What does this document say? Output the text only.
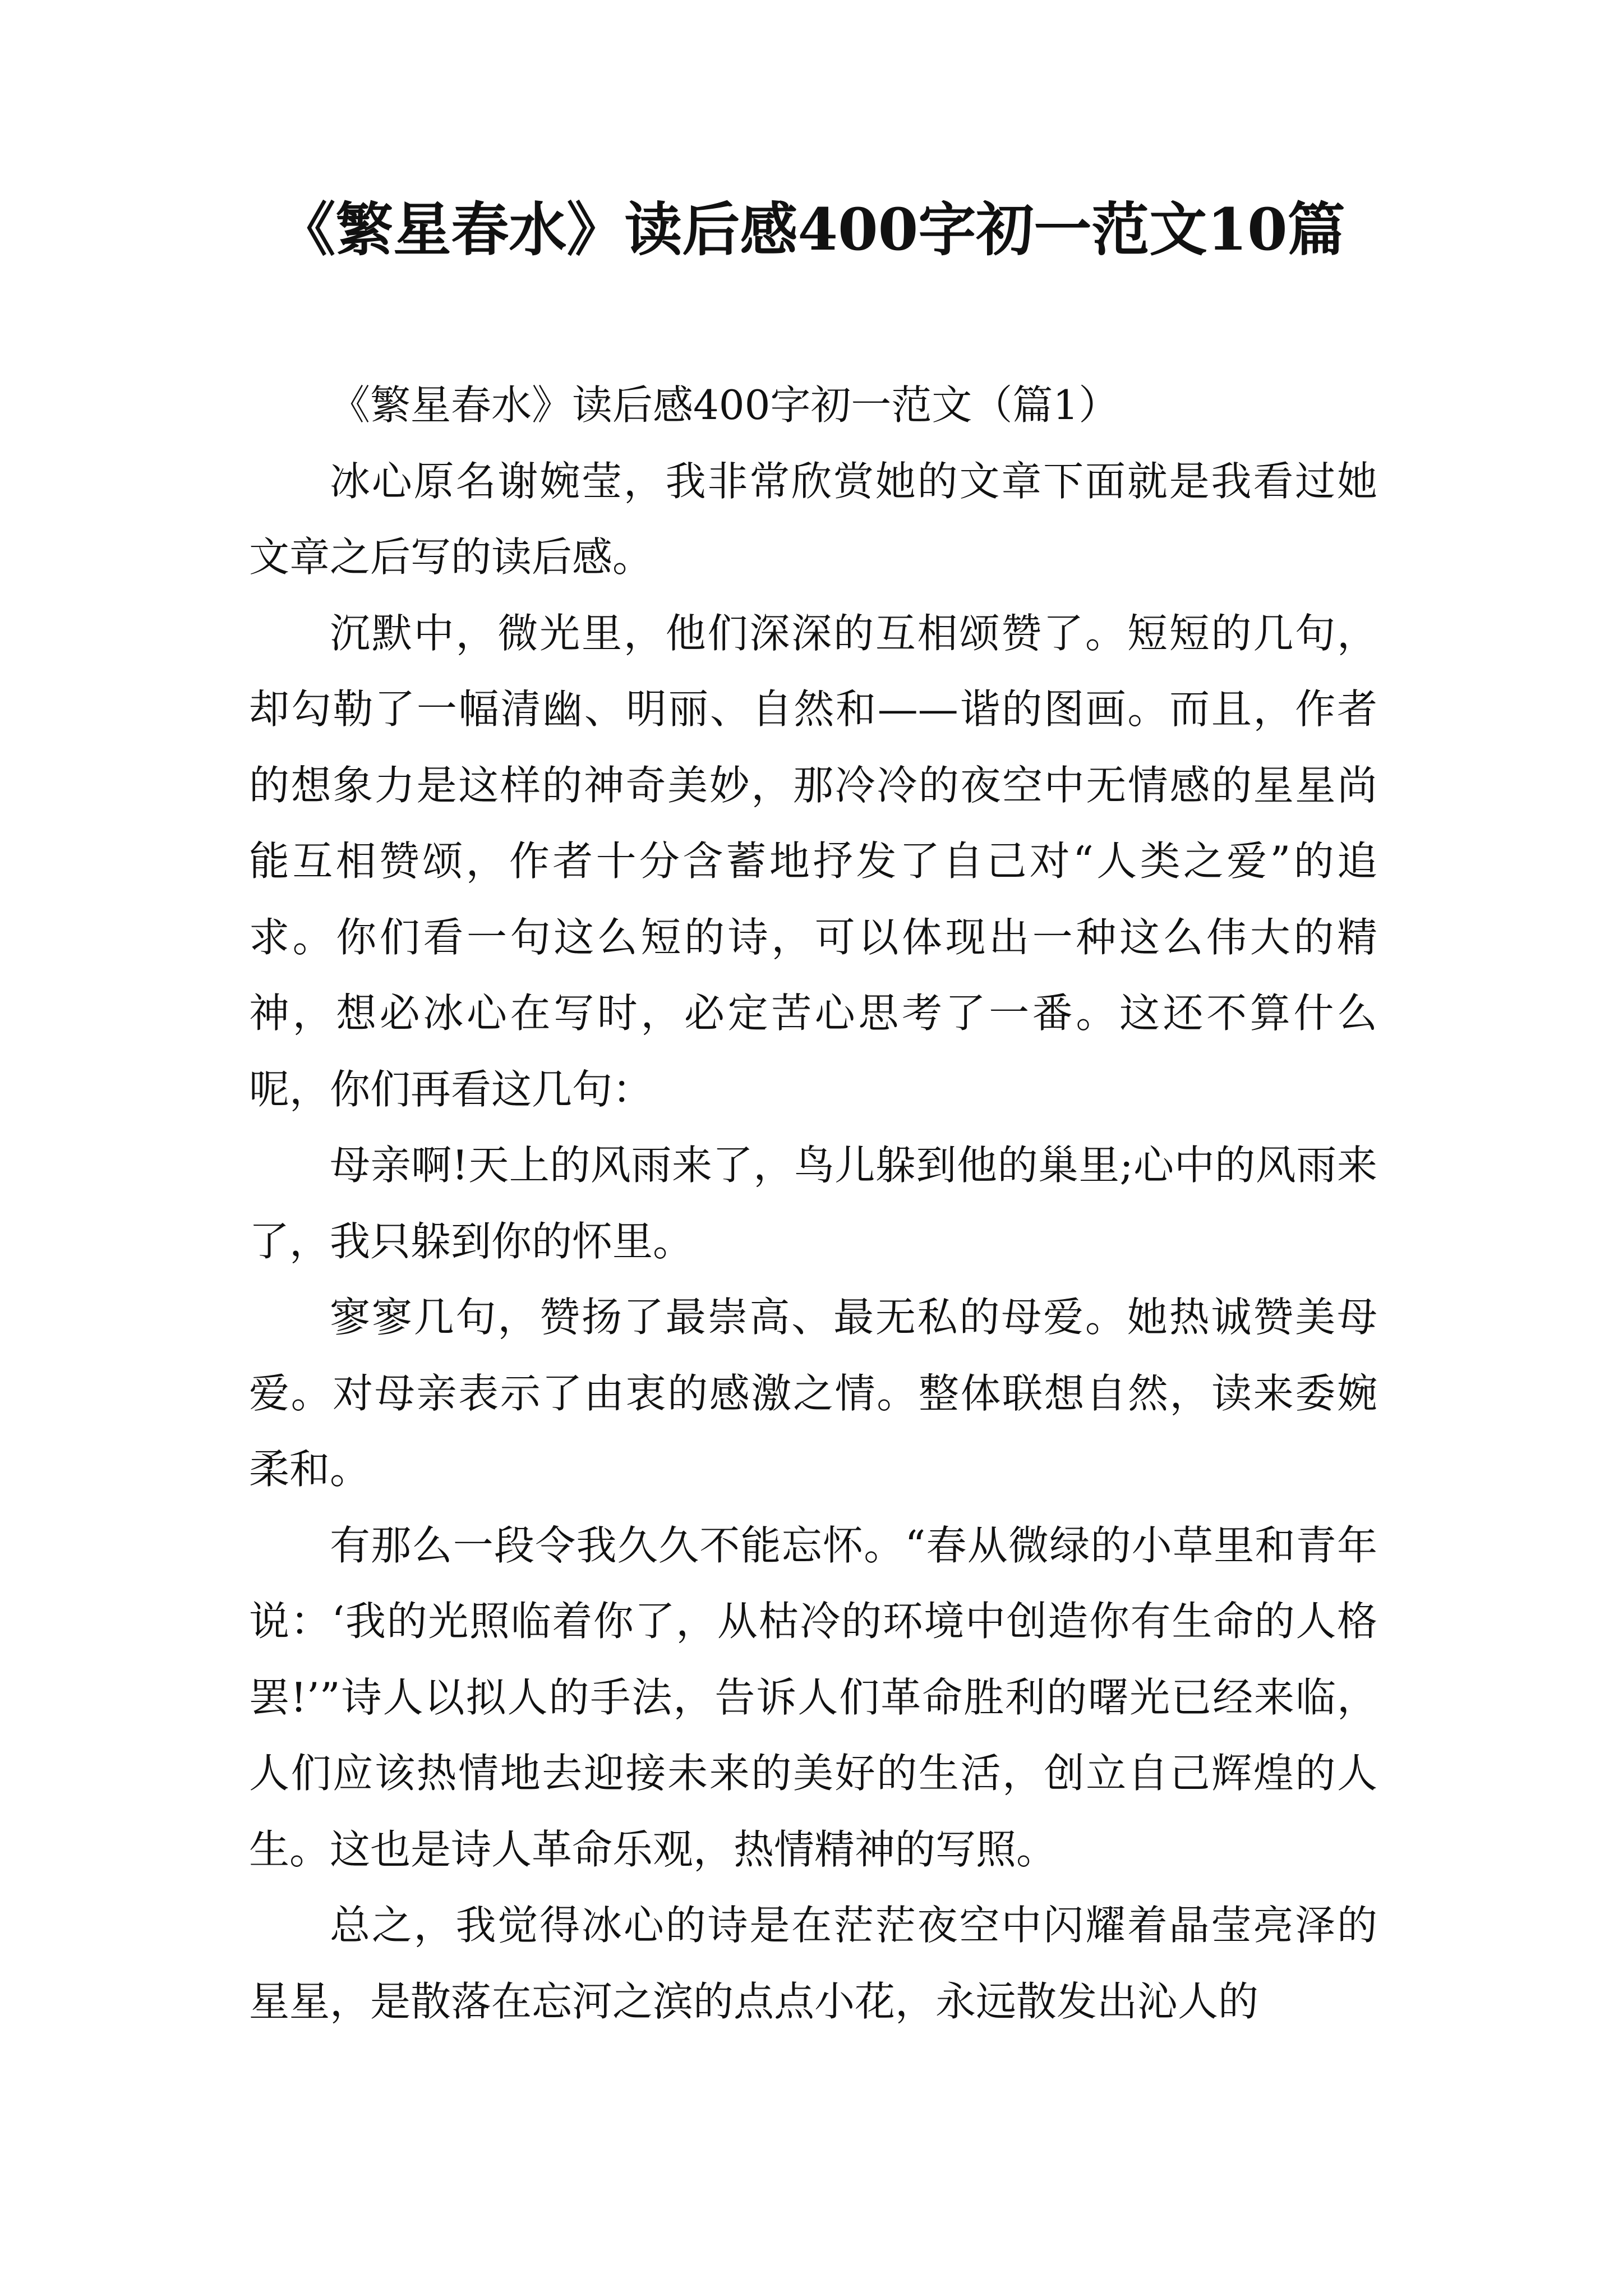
《繁星春水》读后感400字初一范文10篇

《繁星春水》读后感400字初一范文（篇1）

冰心原名谢婉莹，我非常欣赏她的文章下面就是我看过她文章之后写的读后感。

沉默中，微光里，他们深深的互相颂赞了。短短的几句，却勾勒了一幅清幽、明丽、自然和——谐的图画。而且，作者的想象力是这样的神奇美妙，那冷冷的夜空中无情感的星星尚能互相赞颂，作者十分含蓄地抒发了自己对“人类之爱”的追求。你们看一句这么短的诗，可以体现出一种这么伟大的精神，想必冰心在写时，必定苦心思考了一番。这还不算什么呢，你们再看这几句：

母亲啊!天上的风雨来了，鸟儿躲到他的巢里;心中的风雨来了，我只躲到你的怀里。

寥寥几句，赞扬了最崇高、最无私的母爱。她热诚赞美母爱。对母亲表示了由衷的感激之情。整体联想自然，读来委婉柔和。

有那么一段令我久久不能忘怀。“春从微绿的小草里和青年说：‘我的光照临着你了，从枯冷的环境中创造你有生命的人格罢!’”诗人以拟人的手法，告诉人们革命胜利的曙光已经来临，人们应该热情地去迎接未来的美好的生活，创立自己辉煌的人生。这也是诗人革命乐观，热情精神的写照。

总之，我觉得冰心的诗是在茫茫夜空中闪耀着晶莹亮泽的星星，是散落在忘河之滨的点点小花，永远散发出沁人的
